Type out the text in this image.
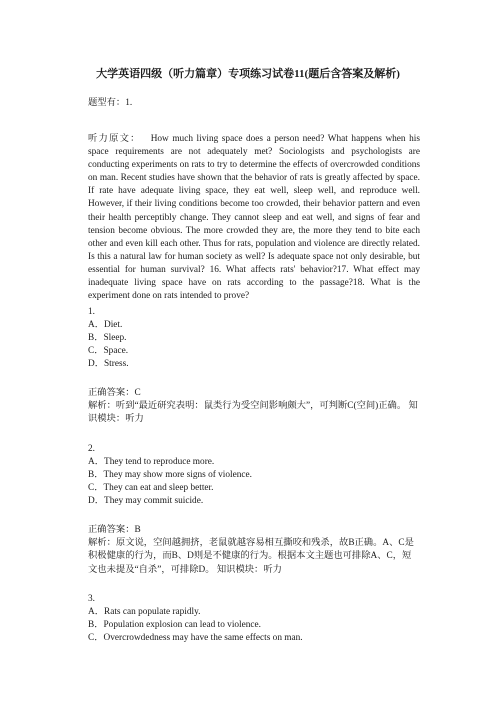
大学英语四级（听力篇章）专项练习试卷11(题后含答案及解析)
题型有：1.
听力原文： How much living space does a person need? What happens when his space requirements are not adequately met? Sociologists and psychologists are conducting experiments on rats to try to determine the effects of overcrowded conditions on man. Recent studies have shown that the behavior of rats is greatly affected by space. If rate have adequate living space, they eat well, sleep well, and reproduce well. However, if their living conditions become too crowded, their behavior pattern and even their health perceptibly change. They cannot sleep and eat well, and signs of fear and tension become obvious. The more crowded they are, the more they tend to bite each other and even kill each other. Thus for rats, population and violence are directly related. Is this a natural law for human society as well? Is adequate space not only desirable, but essential for human survival? 16. What affects rats' behavior?17. What effect may inadequate living space have on rats according to the passage?18. What is the experiment done on rats intended to prove?
1.
A．Diet.
B．Sleep.
C．Space.
D．Stress.
正确答案：C
解析：听到“最近研究表明：鼠类行为受空间影响颇大”，可判断C(空间)正确。 知识模块：听力
2.
A．They tend to reproduce more.
B．They may show more signs of violence.
C．They can eat and sleep better.
D．They may commit suicide.
正确答案：B
解析：原文说，空间越拥挤，老鼠就越容易相互撕咬和残杀，故B正确。A、C是积极健康的行为，而B、D则是不健康的行为。根据本文主题也可排除A、C，短文也未提及“自杀”，可排除D。 知识模块：听力
3.
A．Rats can populate rapidly.
B．Population explosion can lead to violence.
C．Overcrowdedness may have the same effects on man.
